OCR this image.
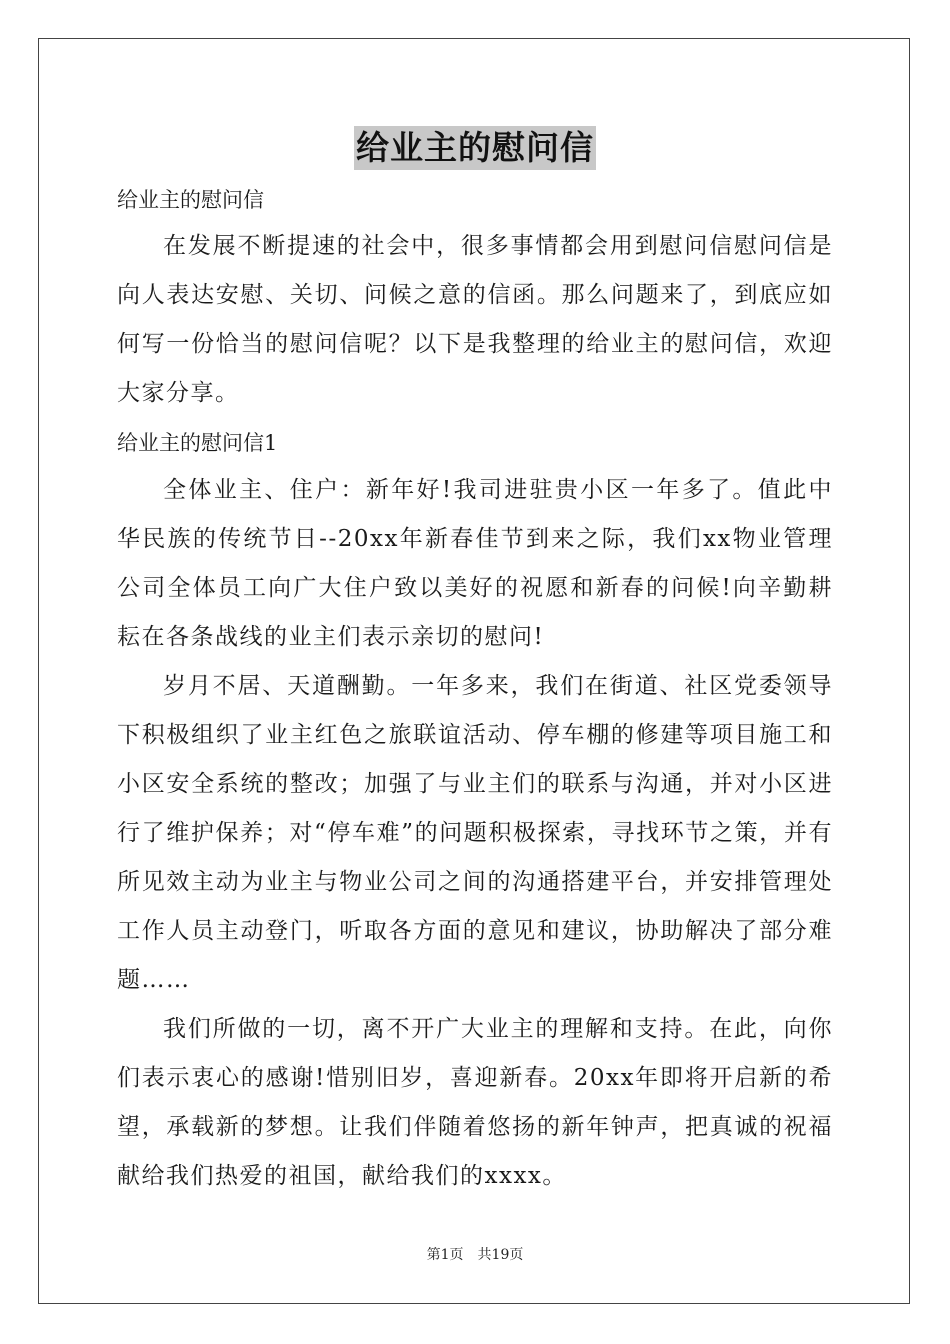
给业主的慰问信

给业主的慰问信

在发展不断提速的社会中，很多事情都会用到慰问信慰问信是向人表达安慰、关切、问候之意的信函。那么问题来了，到底应如何写一份恰当的慰问信呢？以下是我整理的给业主的慰问信，欢迎大家分享。

给业主的慰问信1

全体业主、住户：新年好!我司进驻贵小区一年多了。值此中华民族的传统节日--20xx年新春佳节到来之际，我们xx物业管理公司全体员工向广大住户致以美好的祝愿和新春的问候!向辛勤耕耘在各条战线的业主们表示亲切的慰问!

岁月不居、天道酬勤。一年多来，我们在街道、社区党委领导下积极组织了业主红色之旅联谊活动、停车棚的修建等项目施工和小区安全系统的整改；加强了与业主们的联系与沟通，并对小区进行了维护保养；对“停车难”的问题积极探索，寻找环节之策，并有所见效主动为业主与物业公司之间的沟通搭建平台，并安排管理处工作人员主动登门，听取各方面的意见和建议，协助解决了部分难题……

我们所做的一切，离不开广大业主的理解和支持。在此，向你们表示衷心的感谢!惜别旧岁，喜迎新春。20xx年即将开启新的希望，承载新的梦想。让我们伴随着悠扬的新年钟声，把真诚的祝福献给我们热爱的祖国，献给我们的xxxx。

第1页　共19页
